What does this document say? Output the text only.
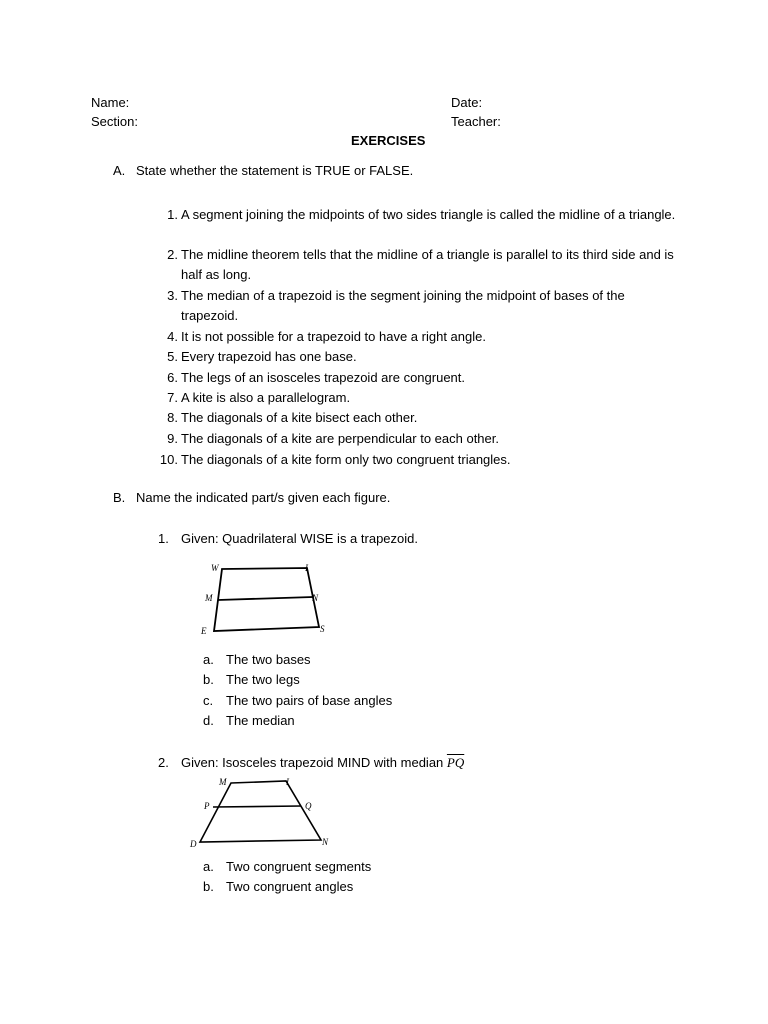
Name:	Date:
Section:	Teacher:
EXERCISES
A. State whether the statement is TRUE or FALSE.
1. A segment joining the midpoints of two sides triangle is called the midline of a triangle.
2. The midline theorem tells that the midline of a triangle is parallel to its third side and is half as long.
3. The median of a trapezoid is the segment joining the midpoint of bases of the trapezoid.
4. It is not possible for a trapezoid to have a right angle.
5. Every trapezoid has one base.
6. The legs of an isosceles trapezoid are congruent.
7. A kite is also a parallelogram.
8. The diagonals of a kite bisect each other.
9. The diagonals of a kite are perpendicular to each other.
10. The diagonals of a kite form only two congruent triangles.
B. Name the indicated part/s given each figure.
1. Given: Quadrilateral WISE is a trapezoid.
W	I
M	N
E	S
a. The two bases
b. The two legs
c. The two pairs of base angles
d. The median
2. Given: Isosceles trapezoid MIND with median $\overline{PQ}$
M	I
P	Q
D	N
a. Two congruent segments
b. Two congruent angles
